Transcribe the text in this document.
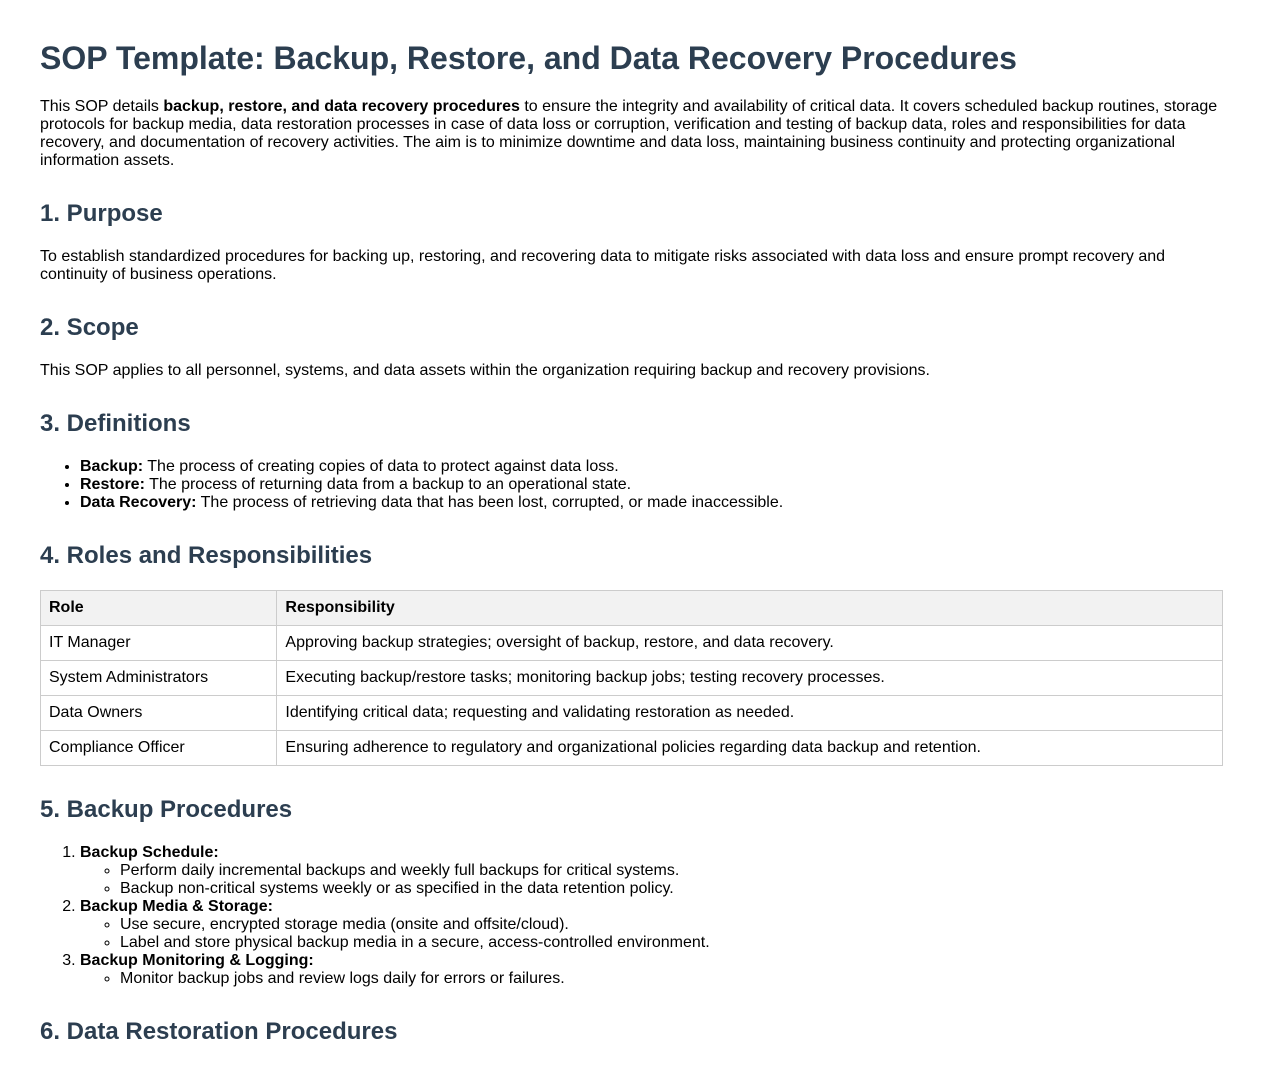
SOP Template: Backup, Restore, and Data Recovery Procedures

This SOP details backup, restore, and data recovery procedures to ensure the integrity and availability of critical data. It covers scheduled backup routines, storage protocols for backup media, data restoration processes in case of data loss or corruption, verification and testing of backup data, roles and responsibilities for data recovery, and documentation of recovery activities. The aim is to minimize downtime and data loss, maintaining business continuity and protecting organizational information assets.

1. Purpose

To establish standardized procedures for backing up, restoring, and recovering data to mitigate risks associated with data loss and ensure prompt recovery and continuity of business operations.

2. Scope

This SOP applies to all personnel, systems, and data assets within the organization requiring backup and recovery provisions.

3. Definitions
• Backup: The process of creating copies of data to protect against data loss.
• Restore: The process of returning data from a backup to an operational state.
• Data Recovery: The process of retrieving data that has been lost, corrupted, or made inaccessible.
4. Roles and Responsibilities
Role	Responsibility
IT Manager	Approving backup strategies; oversight of backup, restore, and data recovery.
System Administrators	Executing backup/restore tasks; monitoring backup jobs; testing recovery processes.
Data Owners	Identifying critical data; requesting and validating restoration as needed.
Compliance Officer	Ensuring adherence to regulatory and organizational policies regarding data backup and retention.
5. Backup Procedures
1. Backup Schedule:
◦ Perform daily incremental backups and weekly full backups for critical systems.
◦ Backup non-critical systems weekly or as specified in the data retention policy.
2. Backup Media & Storage:
◦ Use secure, encrypted storage media (onsite and offsite/cloud).
◦ Label and store physical backup media in a secure, access-controlled environment.
3. Backup Monitoring & Logging:
◦ Monitor backup jobs and review logs daily for errors or failures.
6. Data Restoration Procedures
